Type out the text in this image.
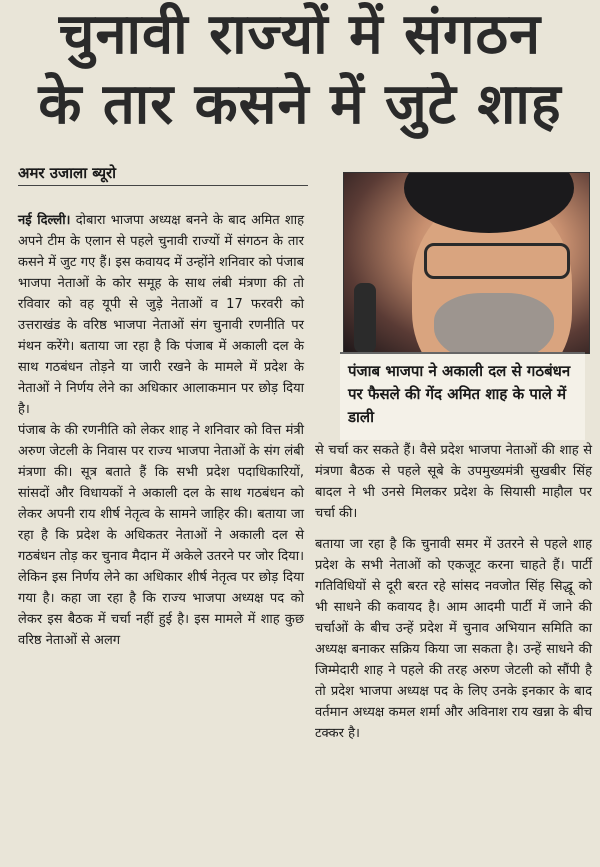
चुनावी राज्यों में संगठन
के तार कसने में जुटे शाह
अमर उजाला ब्यूरो
पंजाब भाजपा ने अकाली दल से गठबंधन पर फैसले की गेंद अमित शाह के पाले में डाली

नई दिल्ली। दोबारा भाजपा अध्यक्ष बनने के बाद अमित शाह अपने टीम के एलान से पहले चुनावी राज्यों में संगठन के तार कसने में जुट गए हैं। इस कवायद में उन्होंने शनिवार को पंजाब भाजपा नेताओं के कोर समूह के साथ लंबी मंत्रणा की तो रविवार को वह यूपी से जुड़े नेताओं व 17 फरवरी को उत्तराखंड के वरिष्ठ भाजपा नेताओं संग चुनावी रणनीति पर मंथन करेंगे। बताया जा रहा है कि पंजाब में अकाली दल के साथ गठबंधन तोड़ने या जारी रखने के मामले में प्रदेश के नेताओं ने निर्णय लेने का अधिकार आलाकमान पर छोड़ दिया है।

पंजाब के की रणनीति को लेकर शाह ने शनिवार को वित्त मंत्री अरुण जेटली के निवास पर राज्य भाजपा नेताओं के संग लंबी मंत्रणा की। सूत्र बताते हैं कि सभी प्रदेश पदाधिकारियों, सांसदों और विधायकों ने अकाली दल के साथ गठबंधन को लेकर अपनी राय शीर्ष नेतृत्व के सामने जाहिर की। बताया जा रहा है कि प्रदेश के अधिकतर नेताओं ने अकाली दल से गठबंधन तोड़ कर चुनाव मैदान में अकेले उतरने पर जोर दिया। लेकिन इस निर्णय लेने का अधिकार शीर्ष नेतृत्व पर छोड़ दिया गया है। कहा जा रहा है कि राज्य भाजपा अध्यक्ष पद को लेकर इस बैठक में चर्चा नहीं हुई है। इस मामले में शाह कुछ वरिष्ठ नेताओं से अलग

से चर्चा कर सकते हैं। वैसे प्रदेश भाजपा नेताओं की शाह से मंत्रणा बैठक से पहले सूबे के उपमुख्यमंत्री सुखबीर सिंह बादल ने भी उनसे मिलकर प्रदेश के सियासी माहौल पर चर्चा की।

बताया जा रहा है कि चुनावी समर में उतरने से पहले शाह प्रदेश के सभी नेताओं को एकजूट करना चाहते हैं। पार्टी गतिविधियों से दूरी बरत रहे सांसद नवजोत सिंह सिद्धू को भी साधने की कवायद है। आम आदमी पार्टी में जाने की चर्चाओं के बीच उन्हें प्रदेश में चुनाव अभियान समिति का अध्यक्ष बनाकर सक्रिय किया जा सकता है। उन्हें साधने की जिम्मेदारी शाह ने पहले की तरह अरुण जेटली को सौंपी है तो प्रदेश भाजपा अध्यक्ष पद के लिए उनके इनकार के बाद वर्तमान अध्यक्ष कमल शर्मा और अविनाश राय खन्ना के बीच टक्कर है।
